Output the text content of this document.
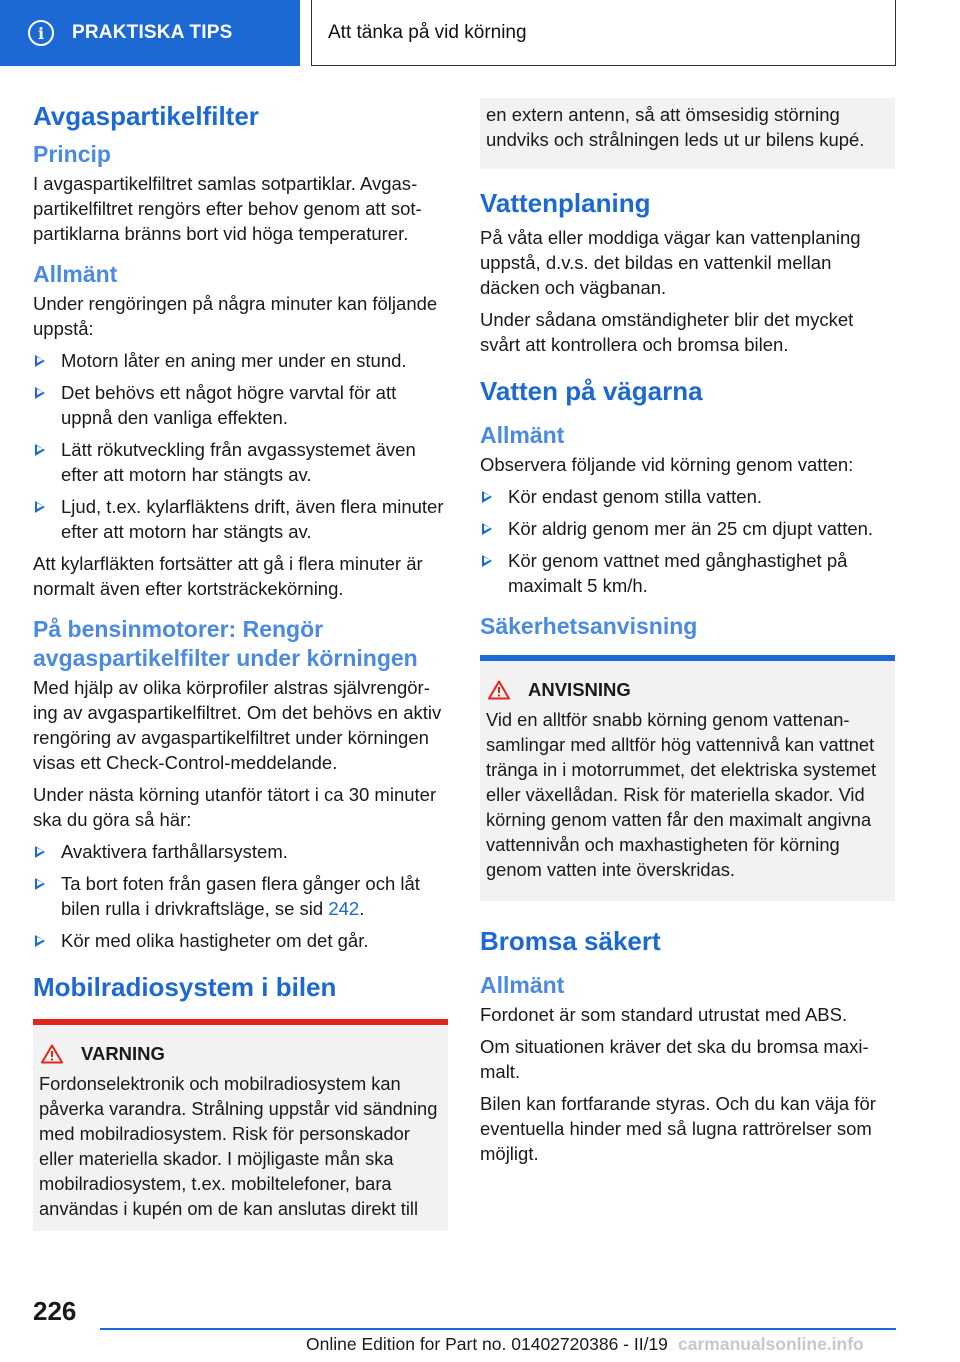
i	PRAKTISKA TIPS	Att tänka på vid körning
Avgaspartikelfilter
Princip
I avgaspartikelfiltret samlas sotpartiklar. Avgaspartikelfiltret rengörs efter behov genom att sotpartiklarna bränns bort vid höga temperaturer.
Allmänt
Under rengöringen på några minuter kan följande uppstå:
Motorn låter en aning mer under en stund.
Det behövs ett något högre varvtal för att uppnå den vanliga effekten.
Lätt rökutveckling från avgassystemet även efter att motorn har stängts av.
Ljud, t.ex. kylarfläktens drift, även flera minuter efter att motorn har stängts av.
Att kylarfläkten fortsätter att gå i flera minuter är normalt även efter kortsträckekörning.
På bensinmotorer: Rengör avgaspartikelfilter under körningen
Med hjälp av olika körprofiler alstras självrengöring av avgaspartikelfiltret. Om det behövs en aktiv rengöring av avgaspartikelfiltret under körningen visas ett Check-Control-meddelande.
Under nästa körning utanför tätort i ca 30 minuter ska du göra så här:
Avaktivera farthållarsystem.
Ta bort foten från gasen flera gånger och låt bilen rulla i drivkraftsläge, se sid 242.
Kör med olika hastigheter om det går.
Mobilradiosystem i bilen
VARNING
Fordonselektronik och mobilradiosystem kan påverka varandra. Strålning uppstår vid sändning med mobilradiosystem. Risk för personskador eller materiella skador. I möjligaste mån ska mobilradiosystem, t.ex. mobiltelefoner, bara användas i kupén om de kan anslutas direkt till
en extern antenn, så att ömsesidig störning undviks och strålningen leds ut ur bilens kupé.
Vattenplaning
På våta eller moddiga vägar kan vattenplaning uppstå, d.v.s. det bildas en vattenkil mellan däcken och vägbanan.
Under sådana omständigheter blir det mycket svårt att kontrollera och bromsa bilen.
Vatten på vägarna
Allmänt
Observera följande vid körning genom vatten:
Kör endast genom stilla vatten.
Kör aldrig genom mer än 25 cm djupt vatten.
Kör genom vattnet med gånghastighet på maximalt 5 km/h.
Säkerhetsanvisning
ANVISNING
Vid en alltför snabb körning genom vattenansamlingar med alltför hög vattennivå kan vattnet tränga in i motorrummet, det elektriska systemet eller växellådan. Risk för materiella skador. Vid körning genom vatten får den maximalt angivna vattennivån och maxhastigheten för körning genom vatten inte överskridas.
Bromsa säkert
Allmänt
Fordonet är som standard utrustat med ABS.
Om situationen kräver det ska du bromsa maximalt.
Bilen kan fortfarande styras. Och du kan väja för eventuella hinder med så lugna rattrörelser som möjligt.
226
Online Edition for Part no. 01402720386 - II/19 carmanualsonline.info
